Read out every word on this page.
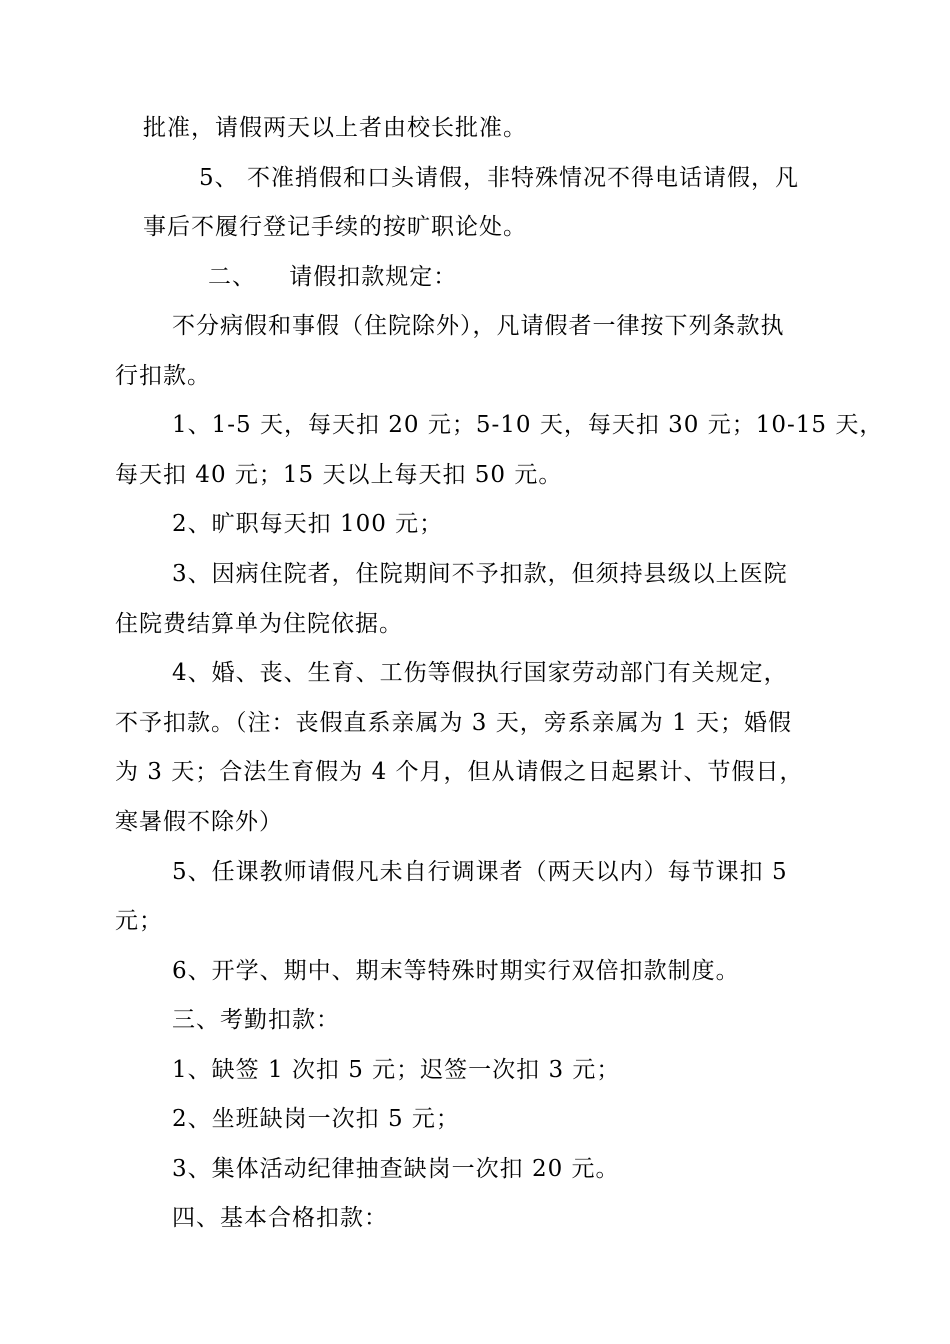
批准，请假两天以上者由校长批准。
5、 不准捎假和口头请假，非特殊情况不得电话请假，凡
事后不履行登记手续的按旷职论处。
二、    请假扣款规定：
不分病假和事假（住院除外），凡请假者一律按下列条款执
行扣款。
1、1-5 天，每天扣 20 元；5-10 天，每天扣 30 元；10-15 天，
每天扣 40 元；15 天以上每天扣 50 元。
2、旷职每天扣 100 元；
3、因病住院者，住院期间不予扣款，但须持县级以上医院
住院费结算单为住院依据。
4、婚、丧、生育、工伤等假执行国家劳动部门有关规定，
不予扣款。（注：丧假直系亲属为 3 天，旁系亲属为 1 天；婚假
为 3 天；合法生育假为 4 个月，但从请假之日起累计、节假日，
寒暑假不除外）
5、任课教师请假凡未自行调课者（两天以内）每节课扣 5
元；
6、开学、期中、期末等特殊时期实行双倍扣款制度。
三、考勤扣款：
1、缺签 1 次扣 5 元；迟签一次扣 3 元；
2、坐班缺岗一次扣 5 元；
3、集体活动纪律抽查缺岗一次扣 20 元。
四、基本合格扣款：
